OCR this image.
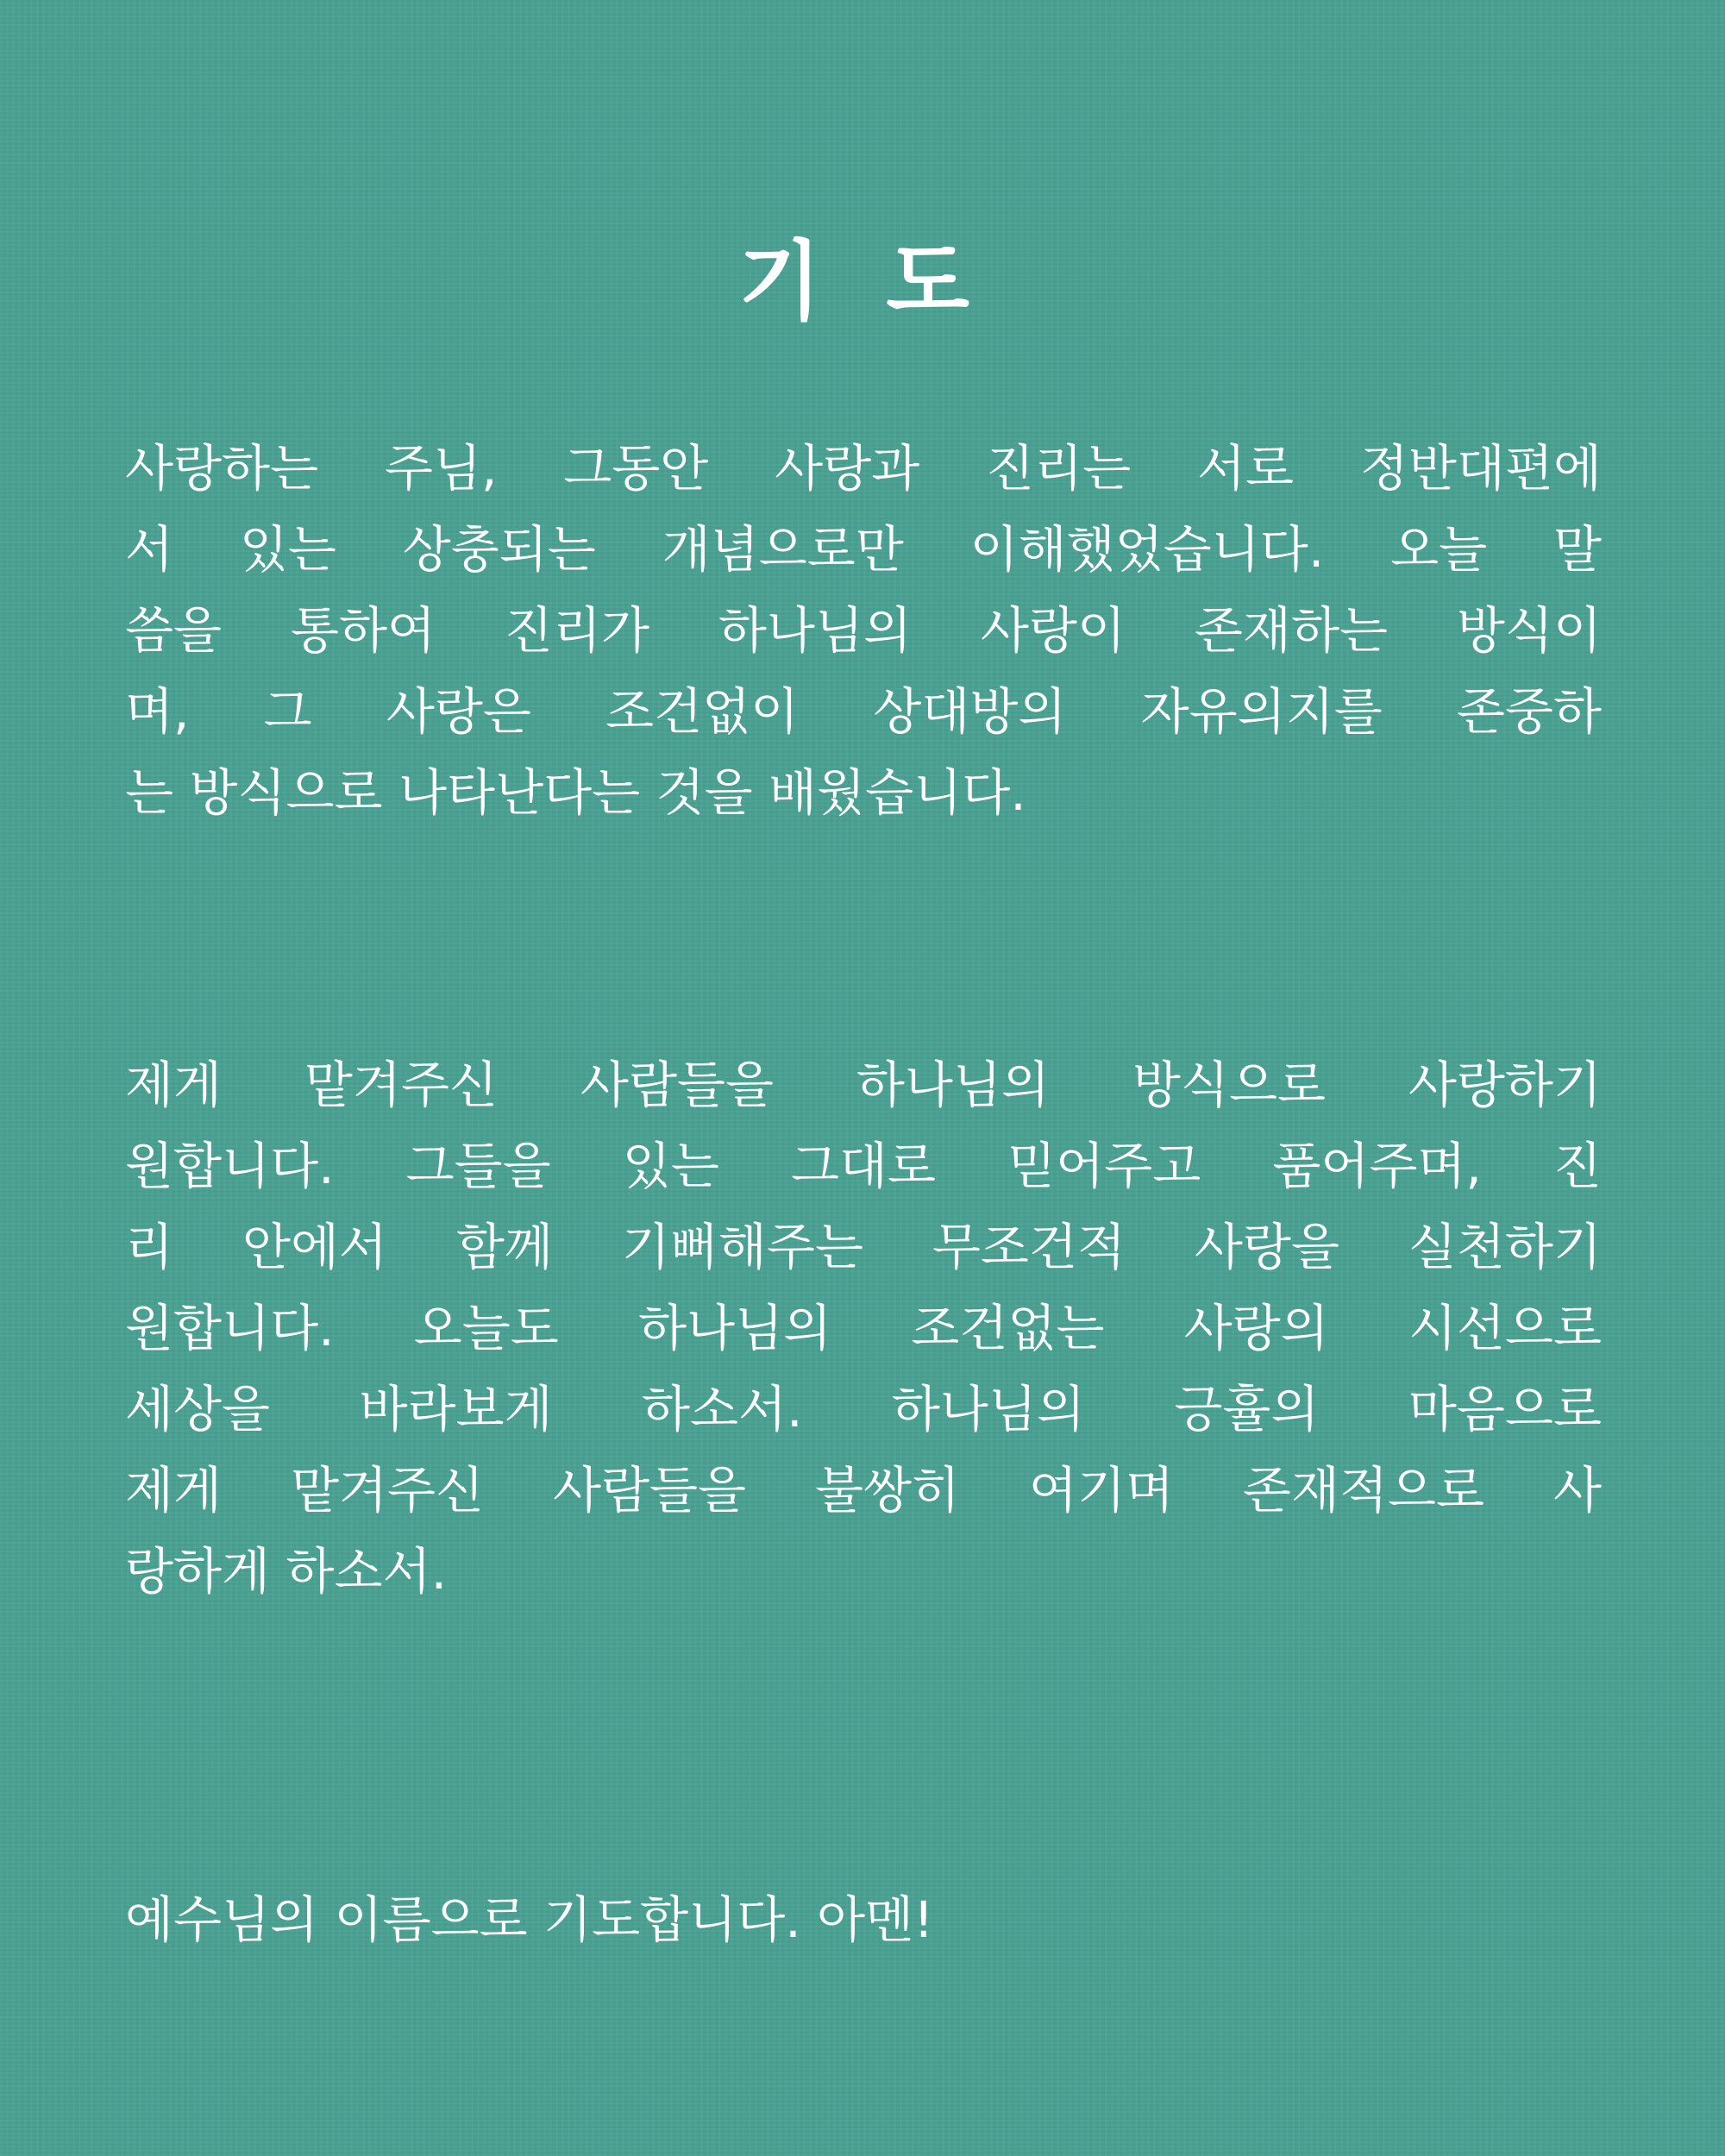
기 도
사랑하는 주님, 그동안 사랑과 진리는 서로 정반대편에
서 있는 상충되는 개념으로만 이해했었습니다. 오늘 말
씀을 통하여 진리가 하나님의 사랑이 존재하는 방식이
며, 그 사랑은 조건없이 상대방의 자유의지를 존중하
는 방식으로 나타난다는 것을 배웠습니다.
제게 맡겨주신 사람들을 하나님의 방식으로 사랑하기
원합니다. 그들을 있는 그대로 믿어주고 품어주며, 진
리 안에서 함께 기뻐해주는 무조건적 사랑을 실천하기
원합니다. 오늘도 하나님의 조건없는 사랑의 시선으로
세상을 바라보게 하소서. 하나님의 긍휼의 마음으로
제게 맡겨주신 사람들을 불쌍히 여기며 존재적으로 사
랑하게 하소서.
예수님의 이름으로 기도합니다. 아멘!
